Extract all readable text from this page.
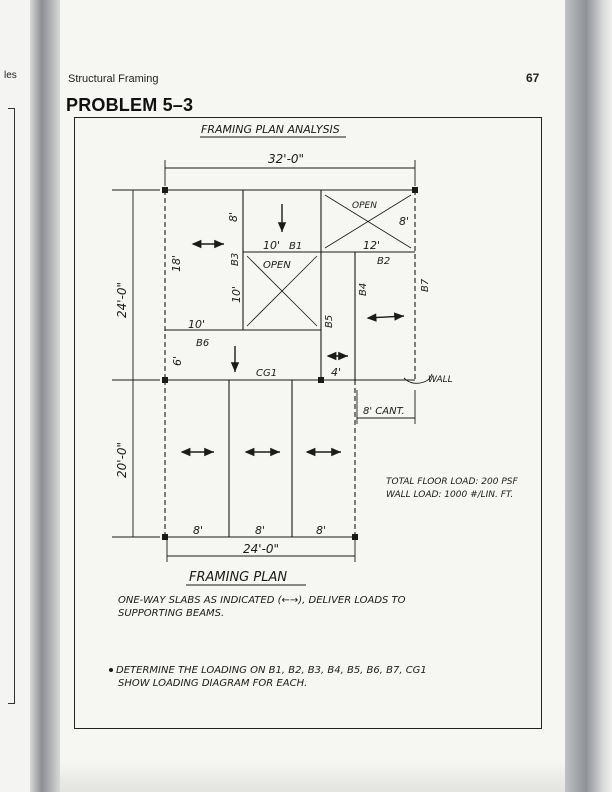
les	Structural Framing	67
PROBLEM 5–3
FRAMING PLAN ANALYSIS
32'-0"
24'-0"
20'-0"
24'-0"
8' CANT.
OPEN
OPEN
WALL
18'
6'
8'
10'
10'
10'
12'
8'
4'
8'	8'	8'
B1
B2
B3
B4
B5
B6
B7
CG1
TOTAL FLOOR LOAD: 200 PSF
WALL LOAD: 1000 #/LIN. FT.
FRAMING PLAN
ONE-WAY SLABS AS INDICATED (←→), DELIVER LOADS TO
SUPPORTING BEAMS.
DETERMINE THE LOADING ON B1, B2, B3, B4, B5, B6, B7, CG1
SHOW LOADING DIAGRAM FOR EACH.
